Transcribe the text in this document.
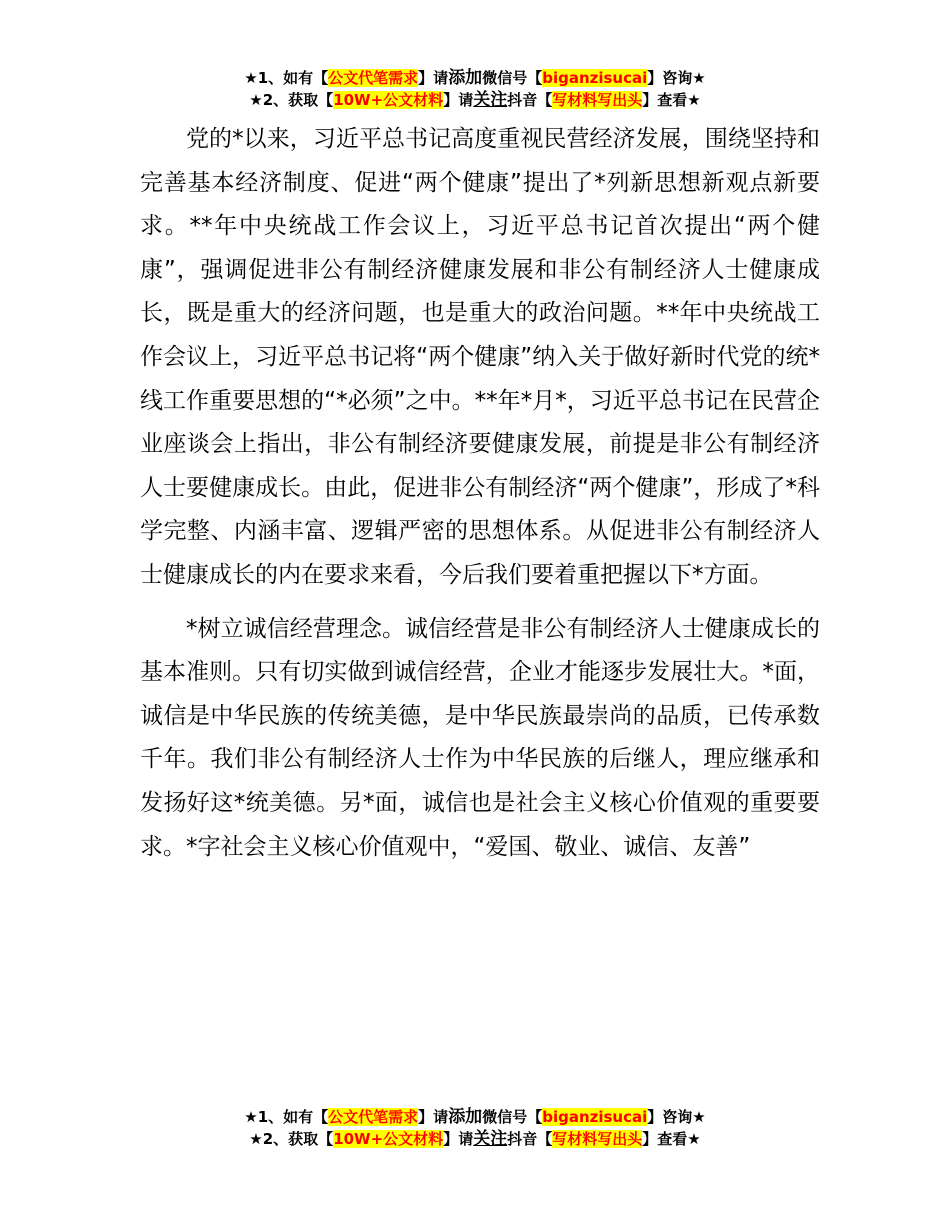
★1、如有【公文代笔需求】请添加微信号【biganzisucai】咨询★
★2、获取【10W+公文材料】请关注抖音【写材料写出头】查看★

党的*以来，习近平总书记高度重视民营经济发展，围绕坚持和完善基本经济制度、促进“两个健康”提出了*列新思想新观点新要求。**年中央统战工作会议上，习近平总书记首次提出“两个健康”，强调促进非公有制经济健康发展和非公有制经济人士健康成长，既是重大的经济问题，也是重大的政治问题。**年中央统战工作会议上，习近平总书记将“两个健康”纳入关于做好新时代党的统*线工作重要思想的“*必须”之中。**年*月*，习近平总书记在民营企业座谈会上指出，非公有制经济要健康发展，前提是非公有制经济人士要健康成长。由此，促进非公有制经济“两个健康”，形成了*科学完整、内涵丰富、逻辑严密的思想体系。从促进非公有制经济人士健康成长的内在要求来看，今后我们要着重把握以下*方面。

*树立诚信经营理念。诚信经营是非公有制经济人士健康成长的基本准则。只有切实做到诚信经营，企业才能逐步发展壮大。*面，诚信是中华民族的传统美德，是中华民族最崇尚的品质，已传承数千年。我们非公有制经济人士作为中华民族的后继人，理应继承和发扬好这*统美德。另*面，诚信也是社会主义核心价值观的重要要求。*字社会主义核心价值观中，“爱国、敬业、诚信、友善”

★1、如有【公文代笔需求】请添加微信号【biganzisucai】咨询★
★2、获取【10W+公文材料】请关注抖音【写材料写出头】查看★
